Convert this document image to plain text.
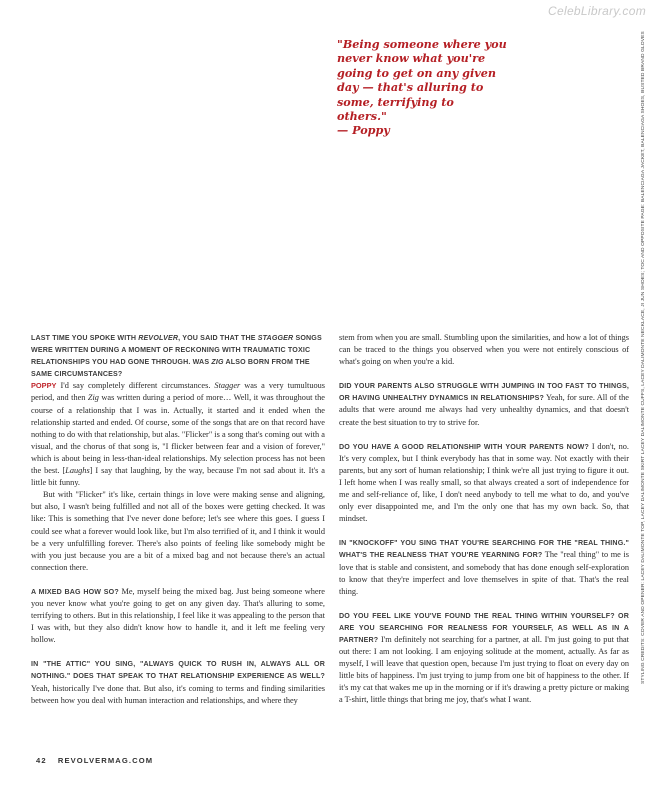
CelebLibrary.com
"Being someone where you never know what you're going to get on any given day — that's alluring to some, terrifying to others."
— Poppy	STYLING CREDITS: COVER AND OPENER: LACEY DALIMONTE TOP, LACEY DALIMONTE SKIRT LACEY DALIMONTE CUFFS, LACEY DALIMONTE NECKLACE, JI JUN SHOES; TOC AND OPPOSITE PAGE: BALENCIAGA JACKET, BALENCIAGA SHOES, BUSTED BRAND GLOVES

LAST TIME YOU SPOKE WITH REVOLVER, YOU SAID THAT THE STAGGER SONGS WERE WRITTEN DURING A MOMENT OF RECKONING WITH TRAUMATIC TOXIC RELATIONSHIPS YOU HAD GONE THROUGH. WAS ZIG ALSO BORN FROM THE SAME CIRCUMSTANCES?

POPPY I'd say completely different circumstances. Stagger was a very tumultuous period, and then Zig was written during a period of more… Well, it was throughout the course of a relationship that I was in. Actually, it started and it ended when the relationship started and ended. Of course, some of the songs that are on that record have nothing to do with that relationship, but alas. "Flicker" is a song that's coming out with a visual, and the chorus of that song is, "I flicker between fear and a vision of forever," which is about being in less-than-ideal relationships. My selection process has not been the best. [Laughs] I say that laughing, by the way, because I'm not sad about it. It's a little bit funny.

But with "Flicker" it's like, certain things in love were making sense and aligning, but also, I wasn't being fulfilled and not all of the boxes were getting checked. It was like: This is something that I've never done before; let's see where this goes. I guess I could see what a forever would look like, but I'm also terrified of it, and I think it would be a very unfulfilling forever. There's also points of feeling like somebody might be with you just because you are a bit of a mixed bag and not because there's an actual connection there.

A MIXED BAG HOW SO? Me, myself being the mixed bag. Just being someone where you never know what you're going to get on any given day. That's alluring to some, terrifying to others. But in this relationship, I feel like it was appealing to the person that I was with, but they also didn't know how to handle it, and it left me feeling very hollow.

IN "THE ATTIC" YOU SING, "ALWAYS QUICK TO RUSH IN, ALWAYS ALL OR NOTHING." DOES THAT SPEAK TO THAT RELATIONSHIP EXPERIENCE AS WELL? Yeah, historically I've done that. But also, it's coming to terms and finding similarities between how you deal with human interaction and relationships, and where they

stem from when you are small. Stumbling upon the similarities, and how a lot of things can be traced to the things you observed when you were not entirely conscious of what's going on when you're a kid.

DID YOUR PARENTS ALSO STRUGGLE WITH JUMPING IN TOO FAST TO THINGS, OR HAVING UNHEALTHY DYNAMICS IN RELATIONSHIPS? Yeah, for sure. All of the adults that were around me always had very unhealthy dynamics, and that doesn't create the best situation to try to strive for.

DO YOU HAVE A GOOD RELATIONSHIP WITH YOUR PARENTS NOW? I don't, no. It's very complex, but I think everybody has that in some way. Not exactly with their parents, but any sort of human relationship; I think we're all just trying to figure it out. I left home when I was really small, so that always created a sort of independence for me and self-reliance of, like, I don't need anybody to tell me what to do, and you've only ever disappointed me, and I'm the only one that has my own back. So, that mindset.

IN "KNOCKOFF" YOU SING THAT YOU'RE SEARCHING FOR THE "REAL THING." WHAT'S THE REALNESS THAT YOU'RE YEARNING FOR? The "real thing" to me is love that is stable and consistent, and somebody that has done enough self-exploration to know that they're imperfect and love themselves in spite of that. That's the real thing.

DO YOU FEEL LIKE YOU'VE FOUND THE REAL THING WITHIN YOURSELF? OR ARE YOU SEARCHING FOR REALNESS FOR YOURSELF, AS WELL AS IN A PARTNER? I'm definitely not searching for a partner, at all. I'm just going to put that out there: I am not looking. I am enjoying solitude at the moment, actually. As far as myself, I will leave that question open, because I'm just trying to float on every day on little bits of happiness. I'm just trying to jump from one bit of happiness to the other. If it's my cat that wakes me up in the morning or if it's drawing a pretty picture or making a T-shirt, little things that bring me joy, that's what I want.

42 REVOLVERMAG.COM
